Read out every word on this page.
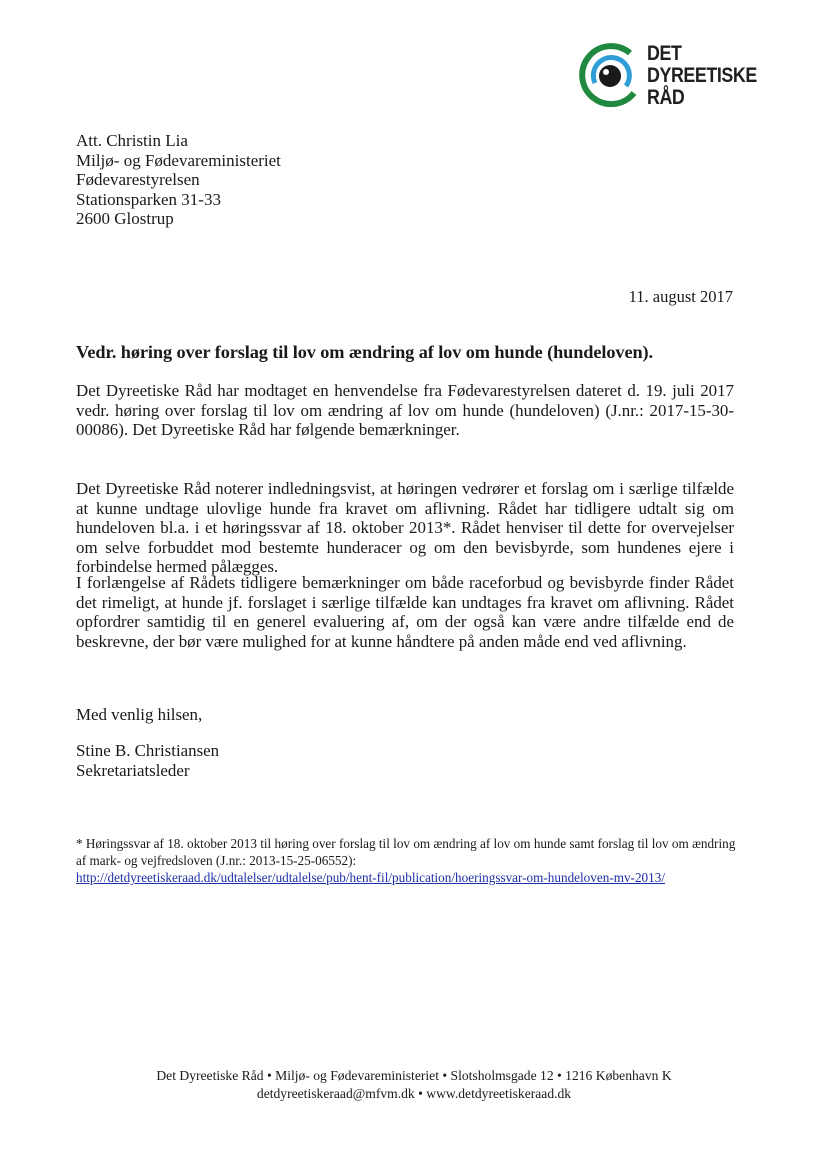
DET
DYREETISKE
RÅD
Att. Christin Lia
Miljø- og Fødevareministeriet
Fødevarestyrelsen
Stationsparken 31-33
2600 Glostrup
11. august 2017
Vedr. høring over forslag til lov om ændring af lov om hunde (hundeloven).
Det Dyreetiske Råd har modtaget en henvendelse fra Fødevarestyrelsen dateret d. 19. juli 2017 vedr. høring over forslag til lov om ændring af lov om hunde (hundeloven) (J.nr.: 2017-15-30-00086). Det Dyreetiske Råd har følgende bemærkninger.
Det Dyreetiske Råd noterer indledningsvist, at høringen vedrører et forslag om i særlige tilfælde at kunne undtage ulovlige hunde fra kravet om aflivning. Rådet har tidligere udtalt sig om hundeloven bl.a. i et høringssvar af 18. oktober 2013*. Rådet henviser til dette for overvejelser om selve forbuddet mod bestemte hunderacer og om den bevisbyrde, som hundenes ejere i forbindelse hermed pålægges.
I forlængelse af Rådets tidligere bemærkninger om både raceforbud og bevisbyrde finder Rådet det rimeligt, at hunde jf. forslaget i særlige tilfælde kan undtages fra kravet om aflivning. Rådet opfordrer samtidig til en generel evaluering af, om der også kan være andre tilfælde end de beskrevne, der bør være mulighed for at kunne håndtere på anden måde end ved aflivning.
Med venlig hilsen,
Stine B. Christiansen
Sekretariatsleder
* Høringssvar af 18. oktober 2013 til høring over forslag til lov om ændring af lov om hunde samt forslag til lov om ændring af mark- og vejfredsloven (J.nr.: 2013-15-25-06552):
http://detdyreetiskeraad.dk/udtalelser/udtalelse/pub/hent-fil/publication/hoeringssvar-om-hundeloven-mv-2013/
Det Dyreetiske Råd • Miljø- og Fødevareministeriet • Slotsholmsgade 12 • 1216 København K
detdyreetiskeraad@mfvm.dk • www.detdyreetiskeraad.dk
